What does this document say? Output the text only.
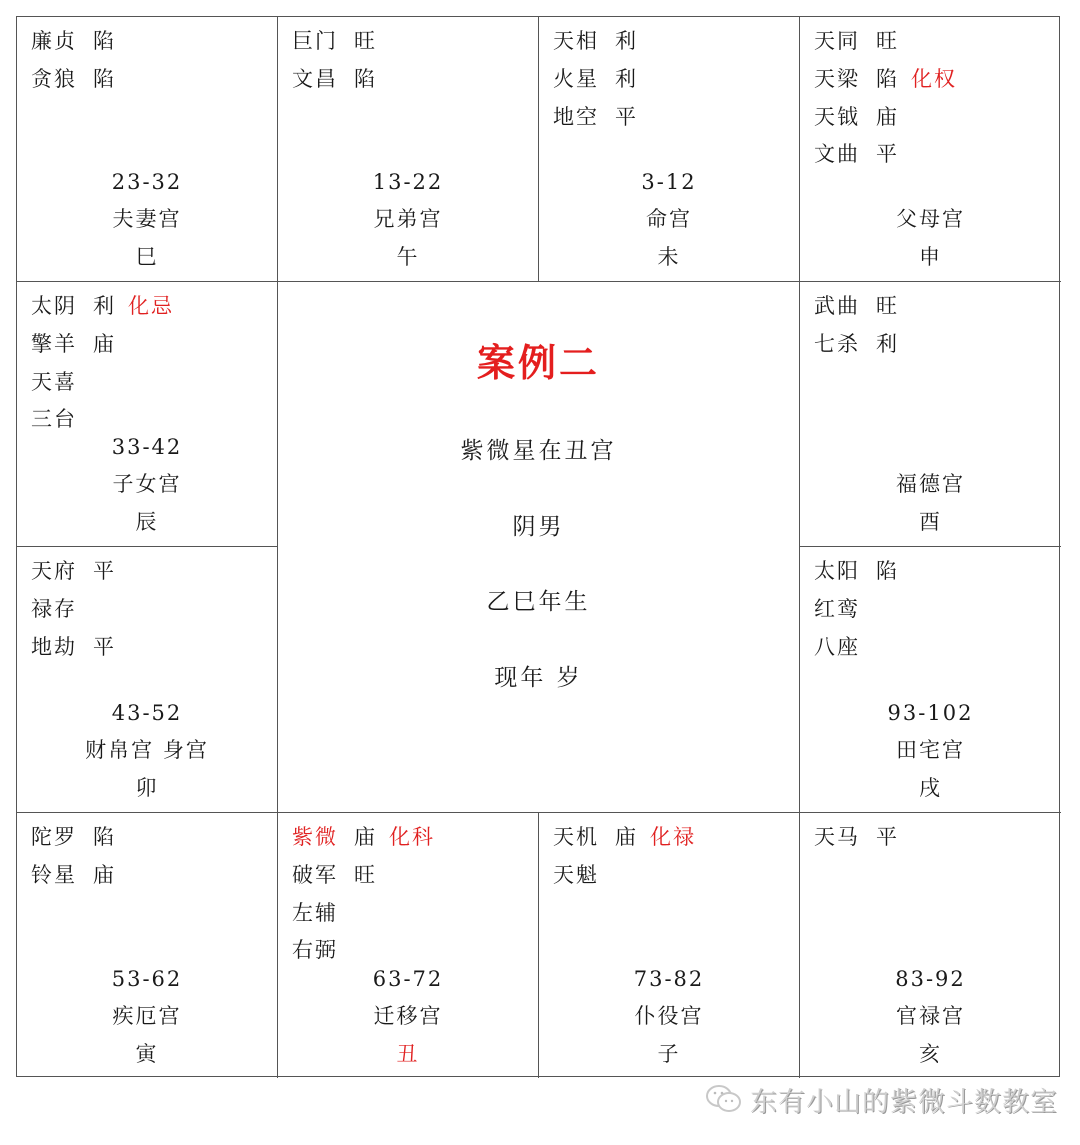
廉贞 陷
贪狼 陷
23-32
夫妻宫
巳
巨门 旺
文昌 陷
13-22
兄弟宫
午
天相 利
火星 利
地空 平
3-12
命宫
未
天同 旺
天梁 陷 化权
天钺 庙
文曲 平

父母宫
申
太阴 利 化忌
擎羊 庙
天喜
三台
33-42
子女宫
辰
案例二
紫微星在丑宫
阴男
乙巳年生
现年 岁
武曲 旺
七杀 利

福德宫
酉
天府 平
禄存
地劫 平
43-52
财帛宫 身宫
卯
太阳 陷
红鸾
八座
93-102
田宅宫
戌
陀罗 陷
铃星 庙
53-62
疾厄宫
寅
紫微 庙 化科
破军 旺
左辅
右弼
63-72
迁移宫
丑
天机 庙 化禄
天魁
73-82
仆役宫
子
天马 平
83-92
官禄宫
亥
东有小山的紫微斗数教室
